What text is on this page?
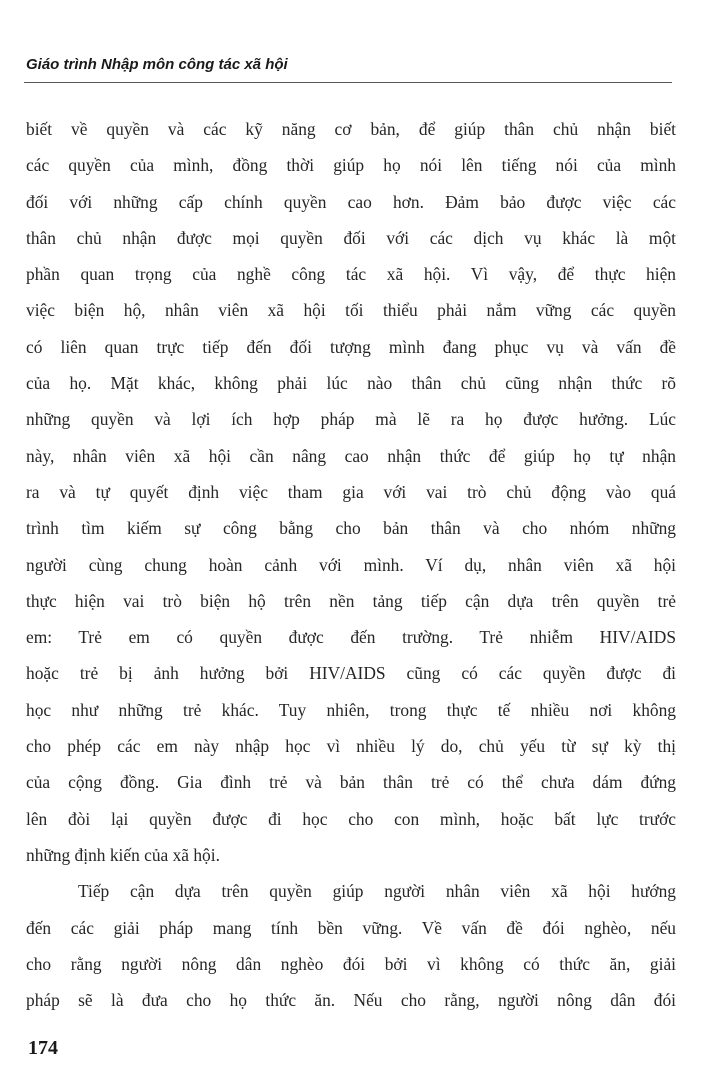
Giáo trình Nhập môn công tác xã hội
biết về quyền và các kỹ năng cơ bản, để giúp thân chủ nhận biết
các quyền của mình, đồng thời giúp họ nói lên tiếng nói của mình
đối với những cấp chính quyền cao hơn. Đảm bảo được việc các
thân chủ nhận được mọi quyền đối với các dịch vụ khác là một
phần quan trọng của nghề công tác xã hội. Vì vậy, để thực hiện
việc biện hộ, nhân viên xã hội tối thiểu phải nắm vững các quyền
có liên quan trực tiếp đến đối tượng mình đang phục vụ và vấn đề
của họ. Mặt khác, không phải lúc nào thân chủ cũng nhận thức rõ
những quyền và lợi ích hợp pháp mà lẽ ra họ được hưởng. Lúc
này, nhân viên xã hội cần nâng cao nhận thức để giúp họ tự nhận
ra và tự quyết định việc tham gia với vai trò chủ động vào quá
trình tìm kiếm sự công bằng cho bản thân và cho nhóm những
người cùng chung hoàn cảnh với mình. Ví dụ, nhân viên xã hội
thực hiện vai trò biện hộ trên nền tảng tiếp cận dựa trên quyền trẻ
em: Trẻ em có quyền được đến trường. Trẻ nhiễm HIV/AIDS
hoặc trẻ bị ảnh hưởng bởi HIV/AIDS cũng có các quyền được đi
học như những trẻ khác. Tuy nhiên, trong thực tế nhiều nơi không
cho phép các em này nhập học vì nhiều lý do, chủ yếu từ sự kỳ thị
của cộng đồng. Gia đình trẻ và bản thân trẻ có thể chưa dám đứng
lên đòi lại quyền được đi học cho con mình, hoặc bất lực trước
những định kiến của xã hội.
Tiếp cận dựa trên quyền giúp người nhân viên xã hội hướng
đến các giải pháp mang tính bền vững. Về vấn đề đói nghèo, nếu
cho rằng người nông dân nghèo đói bởi vì không có thức ăn, giải
pháp sẽ là đưa cho họ thức ăn. Nếu cho rằng, người nông dân đói
174
